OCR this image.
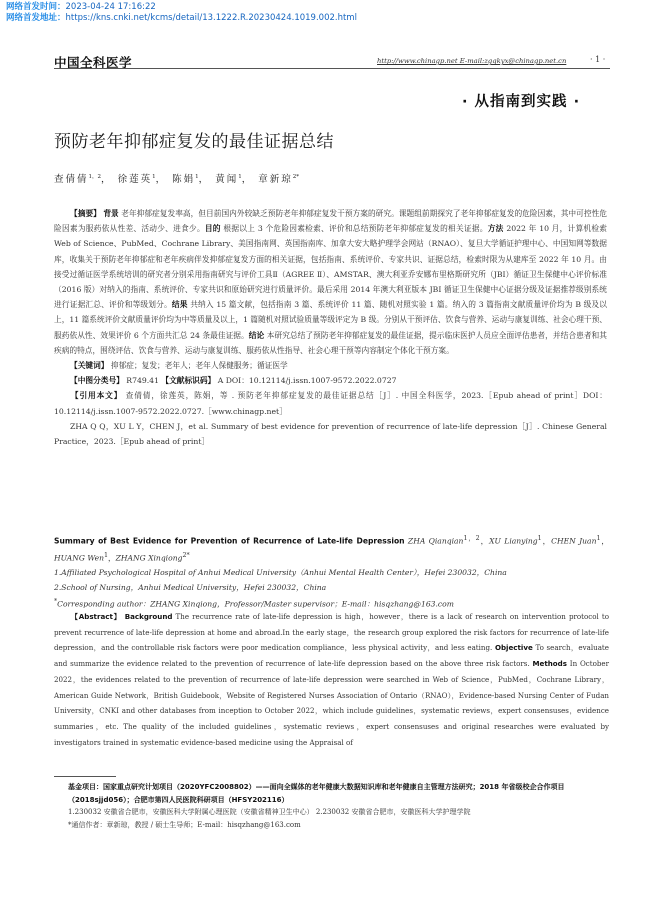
网络首发时间：2023-04-24 17:16:22
网络首发地址：https://kns.cnki.net/kcms/detail/13.1222.R.20230424.1019.002.html
中国全科医学	http://www.chinagp.net E-mail:zgqkyx@chinagp.net.cn	· 1 ·
· 从指南到实践 ·
预防老年抑郁症复发的最佳证据总结
查倩倩$^{1,2}$， 徐莲英$^1$， 陈娟$^1$， 黄闻$^1$， 章新琼$^{2*}$

【摘要】 背景 老年抑郁症复发率高，但目前国内外较缺乏预防老年抑郁症复发干预方案的研究。课题组前期探究了老年抑郁症复发的危险因素，其中可控性危险因素为服药依从性差、活动少、进食少。目的 根据以上 3 个危险因素检索、评价和总结预防老年抑郁症复发的相关证据。方法 2022 年 10 月，计算机检索 Web of Science、PubMed、Cochrane Library、美国指南网、英国指南库、加拿大安大略护理学会网站（RNAO）、复旦大学循证护理中心、中国知网等数据库，收集关于预防老年抑郁症和老年疾病伴发抑郁症复发方面的相关证据，包括指南、系统评价、专家共识、证据总结，检索时限为从建库至 2022 年 10 月。由接受过循证医学系统培训的研究者分别采用指南研究与评价工具Ⅱ（AGREE Ⅱ）、AMSTAR、澳大利亚乔安娜布里格斯研究所（JBI）循证卫生保健中心评价标准（2016 版）对纳入的指南、系统评价、专家共识和原始研究进行质量评价。最后采用 2014 年澳大利亚版本 JBI 循证卫生保健中心证据分级及证据推荐级别系统进行证据汇总、评价和等级划分。结果 共纳入 15 篇文献，包括指南 3 篇、系统评价 11 篇、随机对照实验 1 篇。纳入的 3 篇指南文献质量评价均为 B 级及以上，11 篇系统评价文献质量评价均为中等质量及以上，1 篇随机对照试验质量等级评定为 B 级。分别从干预评估、饮食与营养、运动与康复训练、社会心理干预、服药依从性、效果评价 6 个方面共汇总 24 条最佳证据。结论 本研究总结了预防老年抑郁症复发的最佳证据，提示临床医护人员应全面评估患者，并结合患者和其疾病的特点，围绕评估、饮食与营养、运动与康复训练、服药依从性指导、社会心理干预等内容制定个体化干预方案。

【关键词】 抑郁症；复发；老年人；老年人保健服务；循证医学

【中图分类号】 R749.41 【文献标识码】 A DOI：10.12114/j.issn.1007-9572.2022.0727

【引用本文】 查倩倩，徐莲英，陈娟，等 . 预防老年抑郁症复发的最佳证据总结［J］. 中国全科医学，2023.［Epub ahead of print］DOI：10.12114/j.issn.1007-9572.2022.0727.［www.chinagp.net］

ZHA Q Q，XU L Y，CHEN J，et al. Summary of best evidence for prevention of recurrence of late-life depression［J］. Chinese General Practice，2023.［Epub ahead of print］

Summary of Best Evidence for Prevention of Recurrence of Late-life Depression ZHA Qianqian$^{1,2}$，XU Lianying$^1$，CHEN Juan$^1$，HUANG Wen$^1$，ZHANG Xinqiong$^{2*}$

1.Affiliated Psychological Hospital of Anhui Medical University（Anhui Mental Health Center），Hefei 230032，China

2.School of Nursing，Anhui Medical University，Hefei 230032，China

*Corresponding author：ZHANG Xinqiong，Professor/Master supervisor；E-mail：hisqzhang@163.com

【Abstract】 Background The recurrence rate of late-life depression is high，however，there is a lack of research on intervention protocol to prevent recurrence of late-life depression at home and abroad.In the early stage，the research group explored the risk factors for recurrence of late-life depression，and the controllable risk factors were poor medication compliance，less physical activity，and less eating. Objective To search，evaluate and summarize the evidence related to the prevention of recurrence of late-life depression based on the above three risk factors. Methods In October 2022，the evidences related to the prevention of recurrence of late-life depression were searched in Web of Science，PubMed，Cochrane Library，American Guide Network，British Guidebook，Website of Registered Nurses Association of Ontario（RNAO），Evidence-based Nursing Center of Fudan University，CNKI and other databases from inception to October 2022，which include guidelines，systematic reviews，expert consensuses，evidence summaries，etc. The quality of the included guidelines，systematic reviews，expert consensuses and original researches were evaluated by investigators trained in systematic evidence-based medicine using the Appraisal of

基金项目：国家重点研究计划项目（2020YFC2008802）——面向全媒体的老年健康大数据知识库和老年健康自主管理方法研究；2018 年省级校企合作项目（2018sjjd056）；合肥市第四人民医院科研项目（HFSY202116）

1.230032 安徽省合肥市，安徽医科大学附属心理医院（安徽省精神卫生中心） 2.230032 安徽省合肥市，安徽医科大学护理学院

*通信作者：章新琼，教授 / 硕士生导师；E-mail：hisqzhang@163.com
